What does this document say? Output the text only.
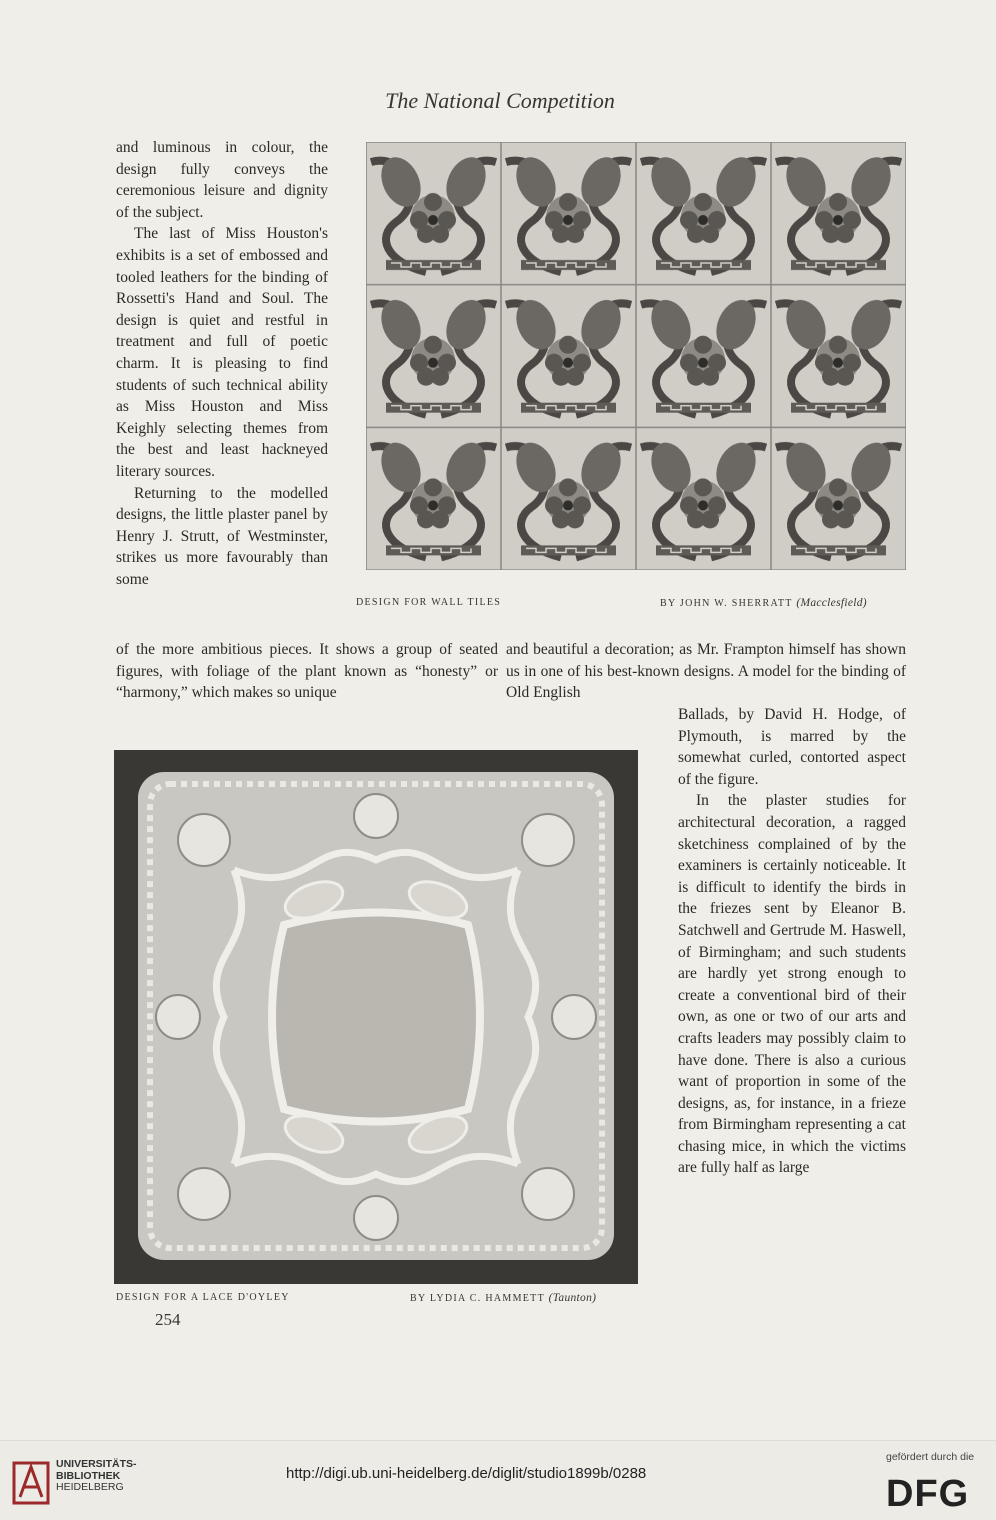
The National Competition

and luminous in colour, the design fully conveys the ceremonious leisure and dignity of the subject.

The last of Miss Houston's exhibits is a set of embossed and tooled leathers for the binding of Rossetti's Hand and Soul. The design is quiet and restful in treatment and full of poetic charm. It is pleasing to find students of such technical ability as Miss Houston and Miss Keighly selecting themes from the best and least hackneyed literary sources.

Returning to the modelled designs, the little plaster panel by Henry J. Strutt, of Westminster, strikes us more favourably than some

DESIGN FOR WALL TILES	BY JOHN W. SHERRATT (Macclesfield)

of the more ambitious pieces. It shows a group of seated figures, with foliage of the plant known as “honesty” or “harmony,” which makes so unique

and beautiful a decoration; as Mr. Frampton himself has shown us in one of his best-known designs. A model for the binding of Old English

Ballads, by David H. Hodge, of Plymouth, is marred by the somewhat curled, contorted aspect of the figure.

In the plaster studies for architectural decoration, a ragged sketchiness complained of by the examiners is certainly noticeable. It is difficult to identify the birds in the friezes sent by Eleanor B. Satchwell and Gertrude M. Haswell, of Birmingham; and such students are hardly yet strong enough to create a conventional bird of their own, as one or two of our arts and crafts leaders may possibly claim to have done. There is also a curious want of proportion in some of the designs, as, for instance, in a frieze from Birmingham representing a cat chasing mice, in which the victims are fully half as large

DESIGN FOR A LACE D'OYLEY	BY LYDIA C. HAMMETT (Taunton)
254
UNIVERSITÄTS-
BIBLIOTHEK
HEIDELBERG
http://digi.ub.uni-heidelberg.de/diglit/studio1899b/0288
gefördert durch die
DFG
